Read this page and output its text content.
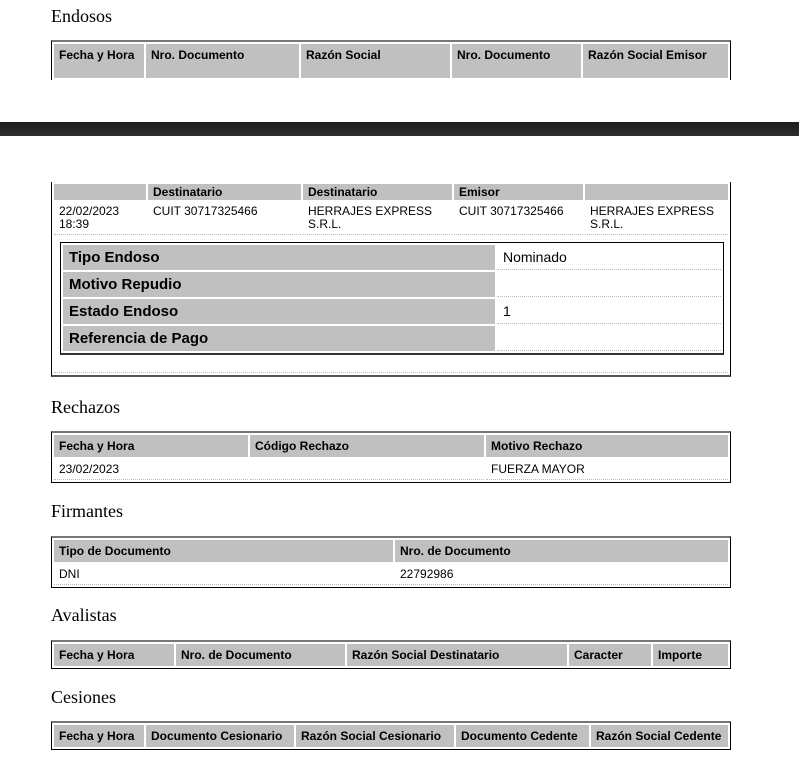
Endosos
Fecha y Hora	Nro. Documento	Razón Social	Nro. Documento	Razón Social Emisor
	Destinatario	Destinatario	Emisor	
22/02/2023 18:39	CUIT 30717325466	HERRAJES EXPRESS S.R.L.	CUIT 30717325466	HERRAJES EXPRESS S.R.L.
Tipo Endoso	Nominado
Motivo Repudio	
Estado Endoso	1
Referencia de Pago	
Rechazos
Fecha y Hora	Código Rechazo	Motivo Rechazo
23/02/2023		FUERZA MAYOR
Firmantes
Tipo de Documento	Nro. de Documento
DNI	22792986
Avalistas
Fecha y Hora	Nro. de Documento	Razón Social Destinatario	Caracter	Importe
Cesiones
Fecha y Hora	Documento Cesionario	Razón Social Cesionario	Documento Cedente	Razón Social Cedente
